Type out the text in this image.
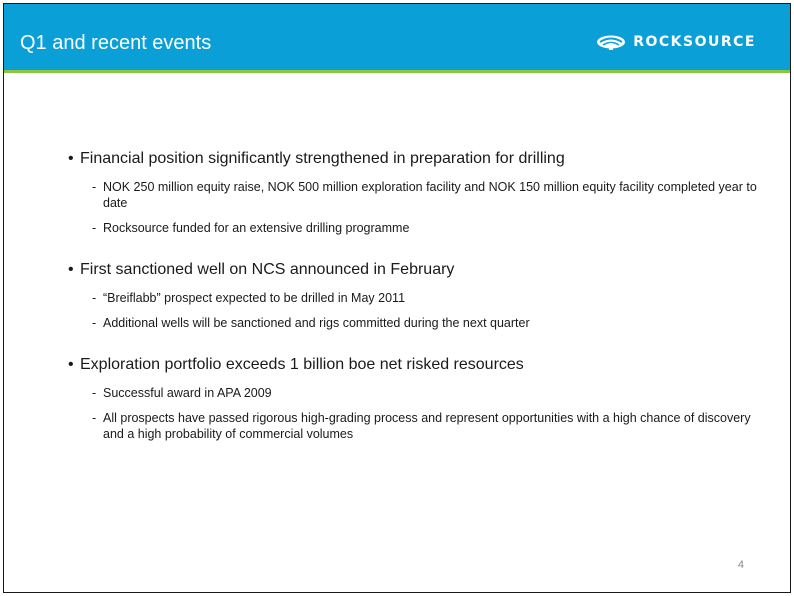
Q1 and recent events	ROCKSOURCE
• Financial position significantly strengthened in preparation for drilling
- NOK 250 million equity raise, NOK 500 million exploration facility and NOK 150 million equity facility completed year to date
- Rocksource funded for an extensive drilling programme
• First sanctioned well on NCS announced in February
- “Breiflabb” prospect expected to be drilled in May 2011
- Additional wells will be sanctioned and rigs committed during the next quarter
• Exploration portfolio exceeds 1 billion boe net risked resources
- Successful award in APA 2009
- All prospects have passed rigorous high-grading process and represent opportunities with a high chance of discovery and a high probability of commercial volumes
4
